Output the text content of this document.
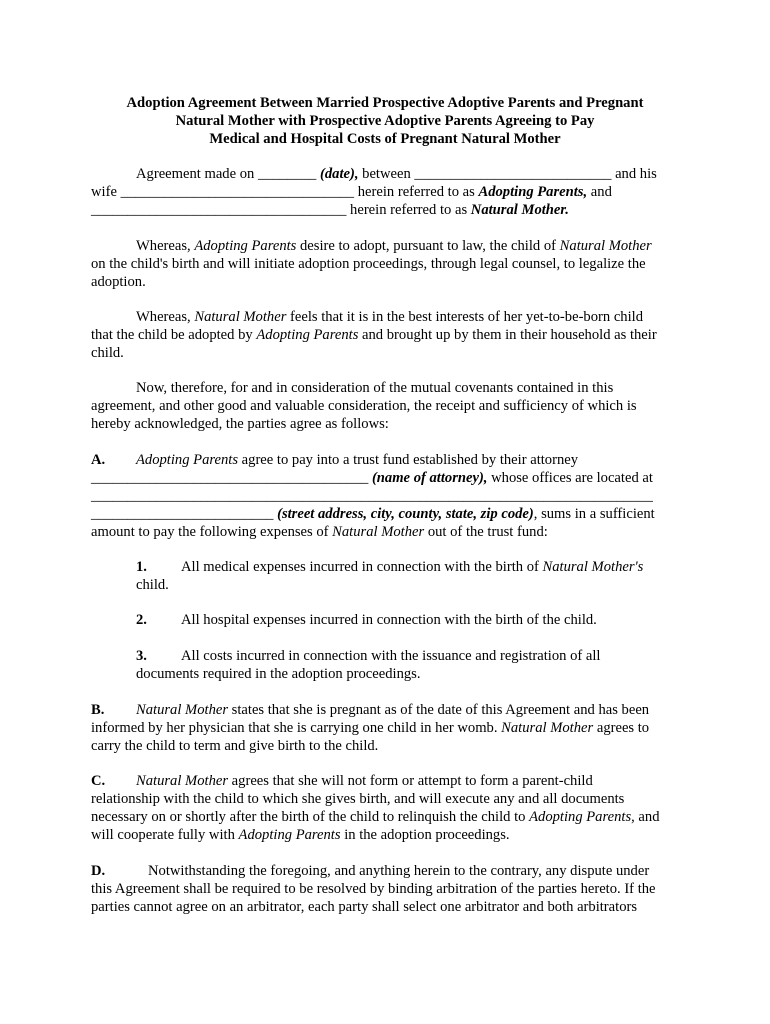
Adoption Agreement Between Married Prospective Adoptive Parents and Pregnant
Natural Mother with Prospective Adoptive Parents Agreeing to Pay
Medical and Hospital Costs of Pregnant Natural Mother
Agreement made on ________ (date), between ___________________________ and his
wife ________________________________ herein referred to as Adopting Parents, and
___________________________________ herein referred to as Natural Mother.
Whereas, Adopting Parents desire to adopt, pursuant to law, the child of Natural Mother
on the child's birth and will initiate adoption proceedings, through legal counsel, to legalize the
adoption.
Whereas, Natural Mother feels that it is in the best interests of her yet-to-be-born child
that the child be adopted by Adopting Parents and brought up by them in their household as their
child.
Now, therefore, for and in consideration of the mutual covenants contained in this
agreement, and other good and valuable consideration, the receipt and sufficiency of which is
hereby acknowledged, the parties agree as follows:
A. Adopting Parents agree to pay into a trust fund established by their attorney
______________________________________ (name of attorney), whose offices are located at
_____________________________________________________________________________
_________________________ (street address, city, county, state, zip code), sums in a sufficient
amount to pay the following expenses of Natural Mother out of the trust fund:
1. All medical expenses incurred in connection with the birth of Natural Mother's
child.
2. All hospital expenses incurred in connection with the birth of the child.
3. All costs incurred in connection with the issuance and registration of all
documents required in the adoption proceedings.
B. Natural Mother states that she is pregnant as of the date of this Agreement and has been
informed by her physician that she is carrying one child in her womb. Natural Mother agrees to
carry the child to term and give birth to the child.
C. Natural Mother agrees that she will not form or attempt to form a parent-child
relationship with the child to which she gives birth, and will execute any and all documents
necessary on or shortly after the birth of the child to relinquish the child to Adopting Parents, and
will cooperate fully with Adopting Parents in the adoption proceedings.
D.	Notwithstanding the foregoing, and anything herein to the contrary, any dispute under
this Agreement shall be required to be resolved by binding arbitration of the parties hereto. If the
parties cannot agree on an arbitrator, each party shall select one arbitrator and both arbitrators
